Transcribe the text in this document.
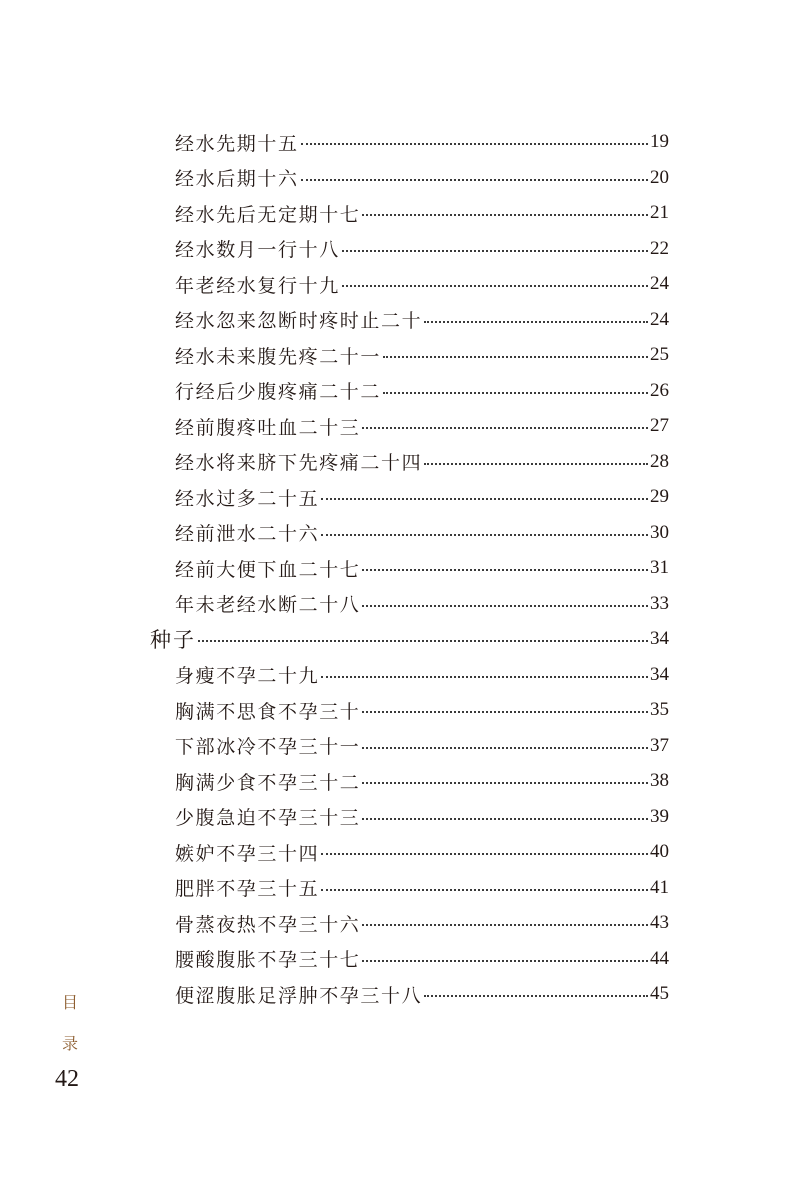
经水先期十五	19
经水后期十六	20
经水先后无定期十七	21
经水数月一行十八	22
年老经水复行十九	24
经水忽来忽断时疼时止二十	24
经水未来腹先疼二十一	25
行经后少腹疼痛二十二	26
经前腹疼吐血二十三	27
经水将来脐下先疼痛二十四	28
经水过多二十五	29
经前泄水二十六	30
经前大便下血二十七	31
年未老经水断二十八	33
种子	34
身瘦不孕二十九	34
胸满不思食不孕三十	35
下部冰冷不孕三十一	37
胸满少食不孕三十二	38
少腹急迫不孕三十三	39
嫉妒不孕三十四	40
肥胖不孕三十五	41
骨蒸夜热不孕三十六	43
腰酸腹胀不孕三十七	44
便涩腹胀足浮肿不孕三十八	45
目
录
42
